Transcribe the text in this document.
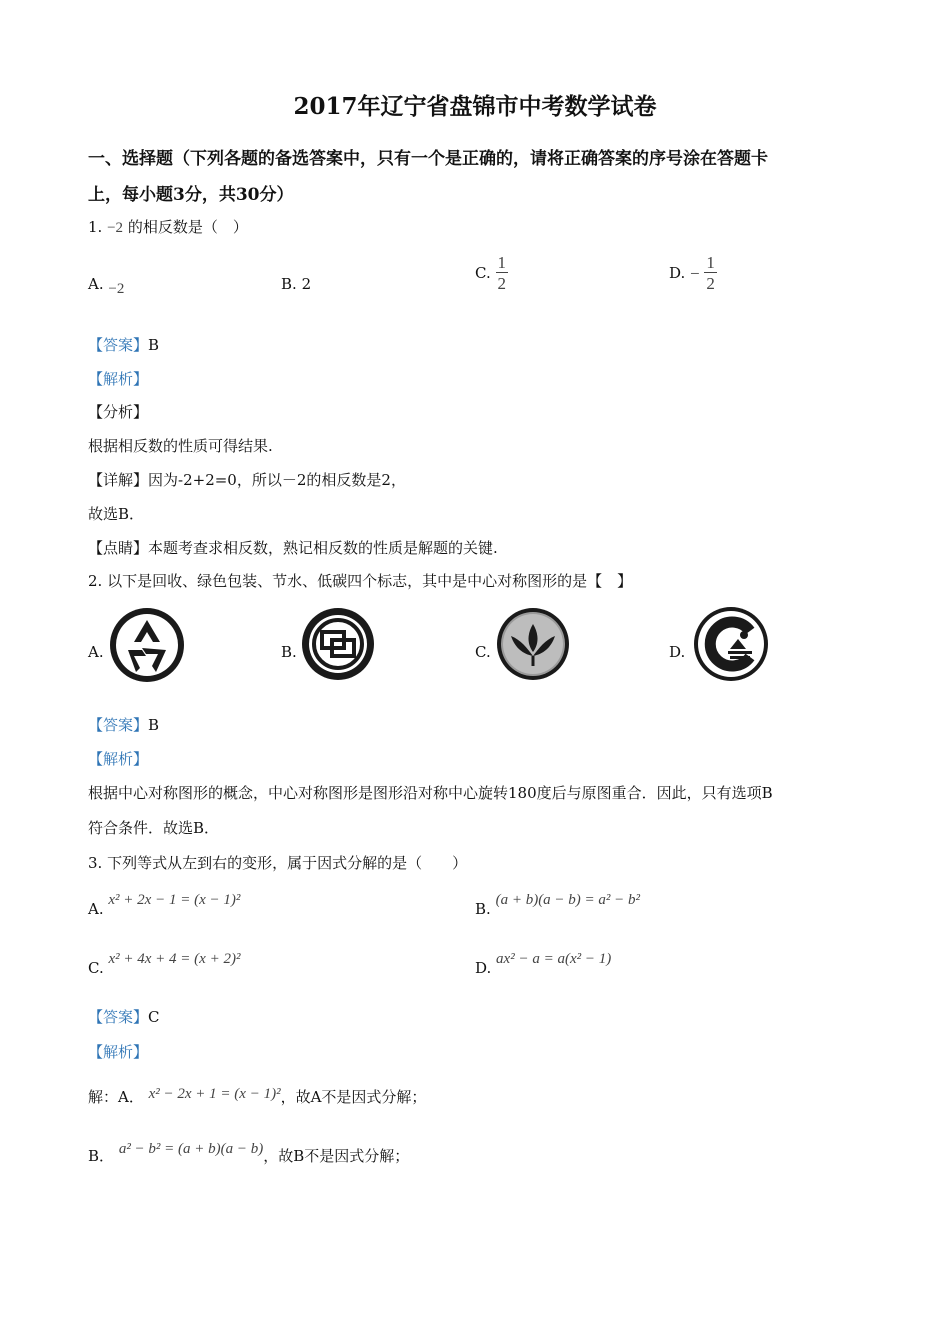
2017年辽宁省盘锦市中考数学试卷
一、选择题（下列各题的备选答案中，只有一个是正确的，请将正确答案的序号涂在答题卡
上，每小题3分，共30分）
1. −2 的相反数是（　）
A. −2	B. 2
C. $\frac{1}{2}$	D. − $\frac{1}{2}$
【答案】B
【解析】
【分析】
根据相反数的性质可得结果.
【详解】因为-2+2=0，所以－2的相反数是2，
故选B．
【点睛】本题考查求相反数，熟记相反数的性质是解题的关键.
2. 以下是回收、绿色包装、节水、低碳四个标志，其中是中心对称图形的是【　】
A.	B.	C.	D.
【答案】B
【解析】
根据中心对称图形的概念，中心对称图形是图形沿对称中心旋转180度后与原图重合．因此，只有选项B
符合条件．故选B．
3. 下列等式从左到右的变形，属于因式分解的是（　　）
A. x² + 2x − 1 = (x − 1)²	B. (a + b)(a − b) = a² − b²
C. x² + 4x + 4 = (x + 2)²	D. ax² − a = a(x² − 1)
【答案】C
【解析】
解：A． x² − 2x + 1 = (x − 1)²，故A不是因式分解；
B． a² − b² = (a + b)(a − b)，故B不是因式分解；
